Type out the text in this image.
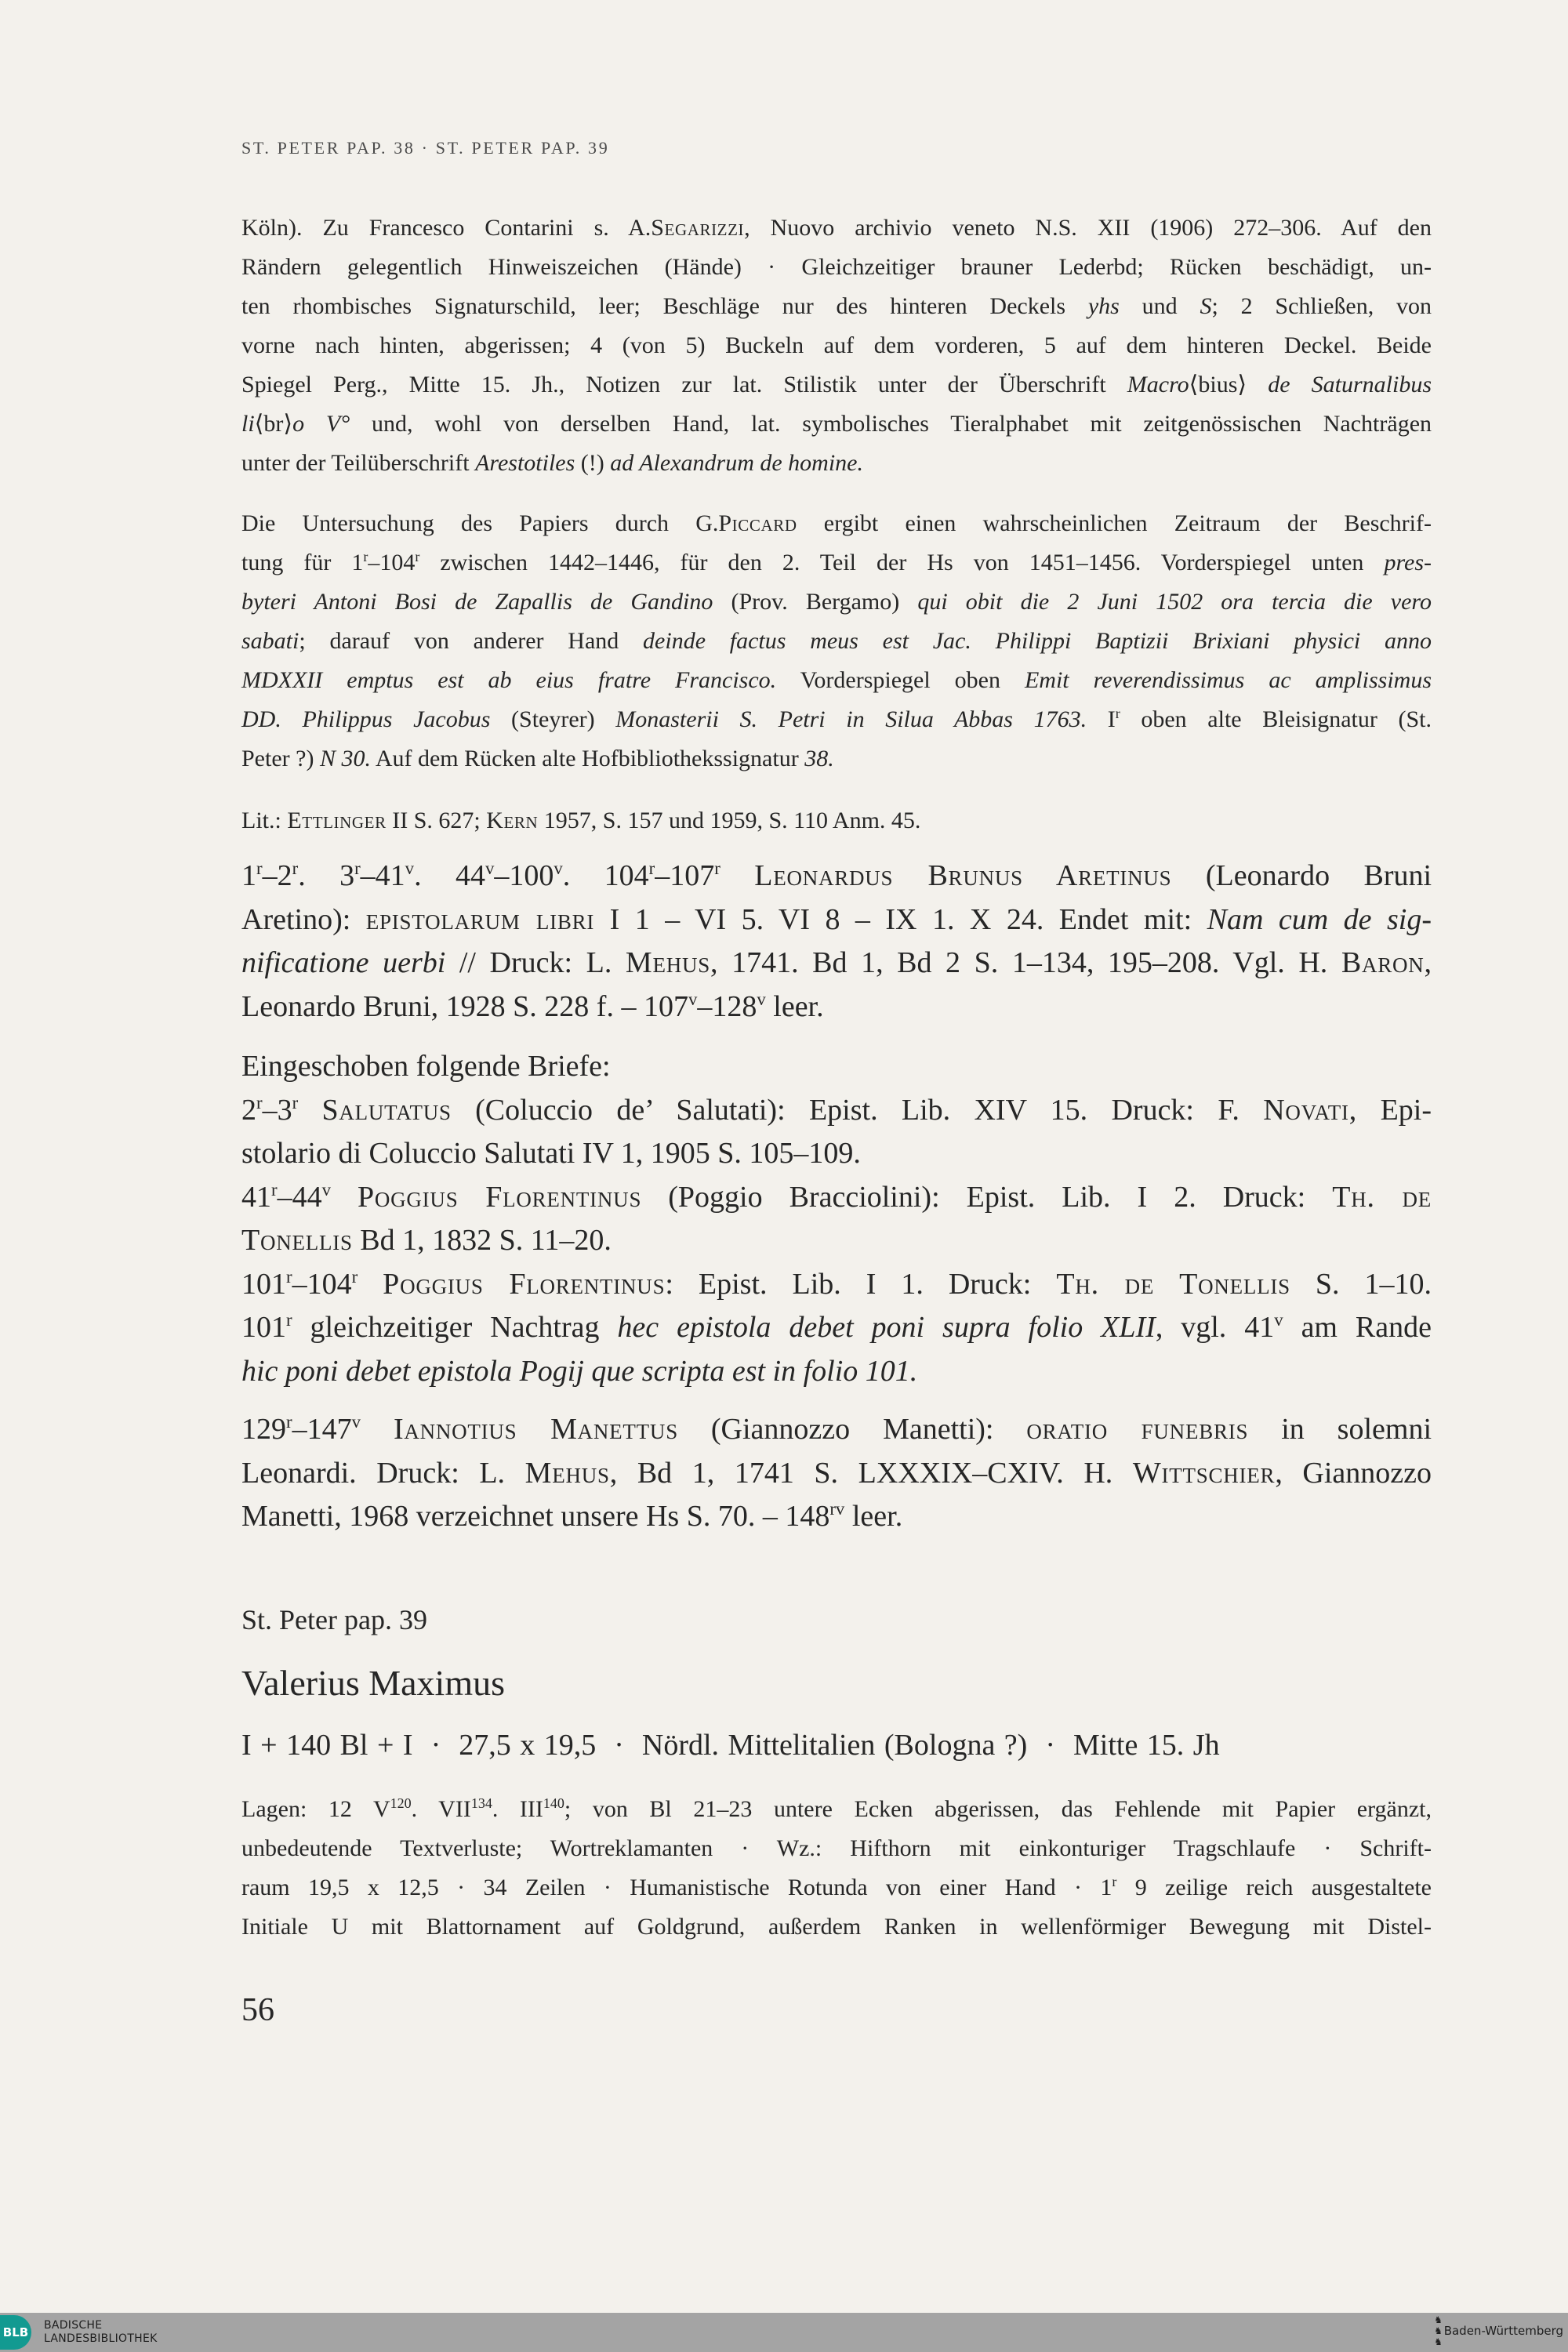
ST. PETER PAP. 38 · ST. PETER PAP. 39
Köln). Zu Francesco Contarini s. A.Segarizzi, Nuovo archivio veneto N.S. XII (1906) 272–306. Auf den
Rändern gelegentlich Hinweiszeichen (Hände) · Gleichzeitiger brauner Lederbd; Rücken beschädigt, un-
ten rhombisches Signaturschild, leer; Beschläge nur des hinteren Deckels yhs und S; 2 Schließen, von
vorne nach hinten, abgerissen; 4 (von 5) Buckeln auf dem vorderen, 5 auf dem hinteren Deckel. Beide
Spiegel Perg., Mitte 15. Jh., Notizen zur lat. Stilistik unter der Überschrift Macro⟨bius⟩ de Saturnalibus
li⟨br⟩o V° und, wohl von derselben Hand, lat. symbolisches Tieralphabet mit zeitgenössischen Nachträgen
unter der Teilüberschrift Arestotiles (!) ad Alexandrum de homine.
Die Untersuchung des Papiers durch G.Piccard ergibt einen wahrscheinlichen Zeitraum der Beschrif-
tung für 1$^r$–104$^r$ zwischen 1442–1446, für den 2. Teil der Hs von 1451–1456. Vorderspiegel unten pres-
byteri Antoni Bosi de Zapallis de Gandino (Prov. Bergamo) qui obit die 2 Juni 1502 ora tercia die vero
sabati; darauf von anderer Hand deinde factus meus est Jac. Philippi Baptizii Brixiani physici anno
MDXXII emptus est ab eius fratre Francisco. Vorderspiegel oben Emit reverendissimus ac amplissimus
DD. Philippus Jacobus (Steyrer) Monasterii S. Petri in Silua Abbas 1763. $I^r$ oben alte Bleisignatur (St.
Peter ?) N 30. Auf dem Rücken alte Hofbibliothekssignatur 38.
Lit.: Ettlinger II S. 627; Kern 1957, S. 157 und 1959, S. 110 Anm. 45.
1$^r$–2$^r$. 3$^r$–41$^v$. 44$^v$–100$^v$. 104$^r$–107$^r$ Leonardus Brunus Aretinus (Leonardo Bruni
Aretino): epistolarum libri I 1 – VI 5. VI 8 – IX 1. X 24. Endet mit: Nam cum de sig-
nificatione uerbi // Druck: L. Mehus, 1741. Bd 1, Bd 2 S. 1–134, 195–208. Vgl. H. Baron,
Leonardo Bruni, 1928 S. 228 f. – 107$^v$–128$^v$ leer.
Eingeschoben folgende Briefe:
2$^r$–3$^r$ Salutatus (Coluccio de’ Salutati): Epist. Lib. XIV 15. Druck: F. Novati, Epi-
stolario di Coluccio Salutati IV 1, 1905 S. 105–109.
41$^r$–44$^v$ Poggius Florentinus (Poggio Bracciolini): Epist. Lib. I 2. Druck: Th. de
Tonellis Bd 1, 1832 S. 11–20.
101$^r$–104$^r$ Poggius Florentinus: Epist. Lib. I 1. Druck: Th. de Tonellis S. 1–10.
101$^r$ gleichzeitiger Nachtrag hec epistola debet poni supra folio XLII, vgl. 41$^v$ am Rande
hic poni debet epistola Pogij que scripta est in folio 101.
129$^r$–147$^v$ Iannotius Manettus (Giannozzo Manetti): oratio funebris in solemni
Leonardi. Druck: L. Mehus, Bd 1, 1741 S. LXXXIX–CXIV. H. Wittschier, Giannozzo
Manetti, 1968 verzeichnet unsere Hs S. 70. – $148^{rv}$ leer.
St. Peter pap. 39
Valerius Maximus
I + 140 Bl + I  ·  27,5 x 19,5  ·  Nördl. Mittelitalien (Bologna ?)  ·  Mitte 15. Jh
Lagen: 12 $V^{120}$. VII$^{134}$. III$^{140}$; von Bl 21–23 untere Ecken abgerissen, das Fehlende mit Papier ergänzt,
unbedeutende Textverluste; Wortreklamanten · Wz.: Hifthorn mit einkonturiger Tragschlaufe · Schrift-
raum 19,5 x 12,5 · 34 Zeilen · Humanistische Rotunda von einer Hand · $1^r$ 9 zeilige reich ausgestaltete
Initiale U mit Blattornament auf Goldgrund, außerdem Ranken in wellenförmiger Bewegung mit Distel-
56
BLB BADISCHE
LANDESBIBLIOTHEK
♞
♞
♞
Baden-Württemberg
